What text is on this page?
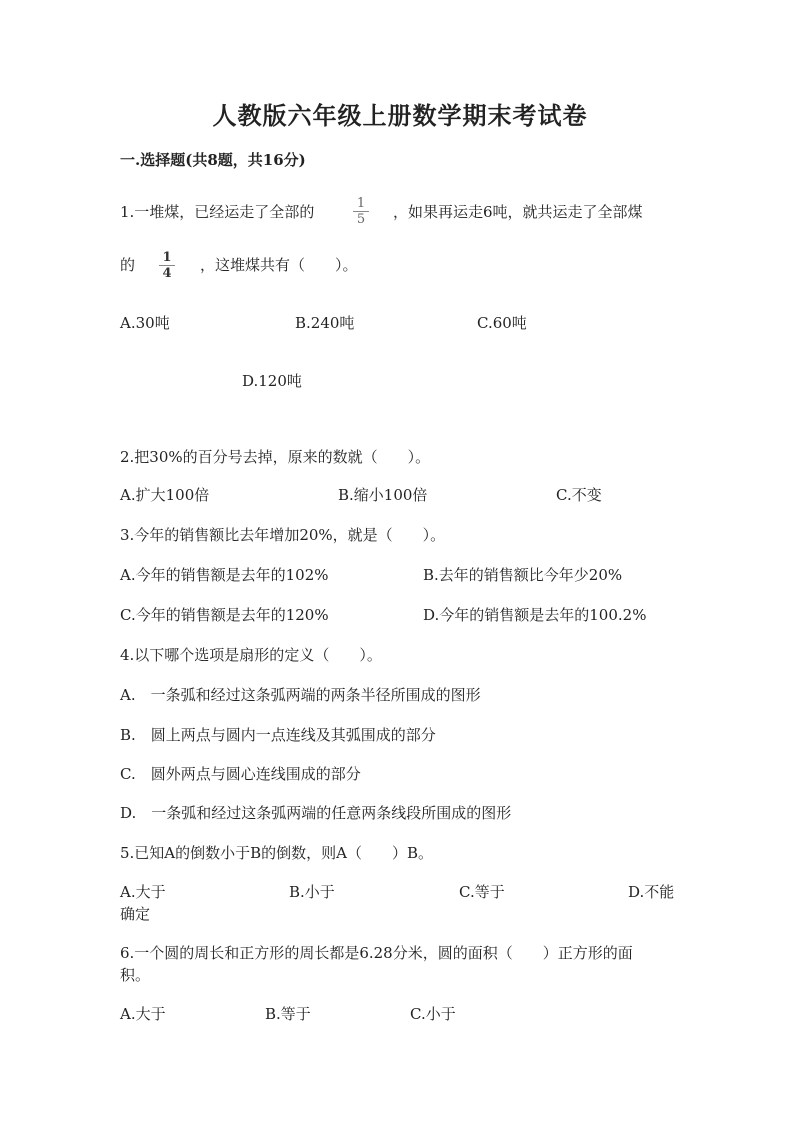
人教版六年级上册数学期末考试卷
一.选择题(共8题，共16分)
1.一堆煤，已经运走了全部的	$\frac{1}{5}$ ，如果再运走6吨，就共运走了全部煤
的 $\frac{1}{4}$ ，这堆煤共有（　　）。
A.30吨	B.240吨	C.60吨
D.120吨
2.把30%的百分号去掉，原来的数就（　　）。
A.扩大100倍	B.缩小100倍	C.不变
3.今年的销售额比去年增加20%，就是（　　）。
A.今年的销售额是去年的102%	B.去年的销售额比今年少20%
C.今年的销售额是去年的120%	D.今年的销售额是去年的100.2%
4.以下哪个选项是扇形的定义（　　）。
A.　一条弧和经过这条弧两端的两条半径所围成的图形
B.　圆上两点与圆内一点连线及其弧围成的部分
C.　圆外两点与圆心连线围成的部分
D.　一条弧和经过这条弧两端的任意两条线段所围成的图形
5.已知A的倒数小于B的倒数，则A（　　）B。
A.大于	B.小于	C.等于	D.不能
确定
6.一个圆的周长和正方形的周长都是6.28分米，圆的面积（　　）正方形的面
积。
A.大于	B.等于	C.小于
